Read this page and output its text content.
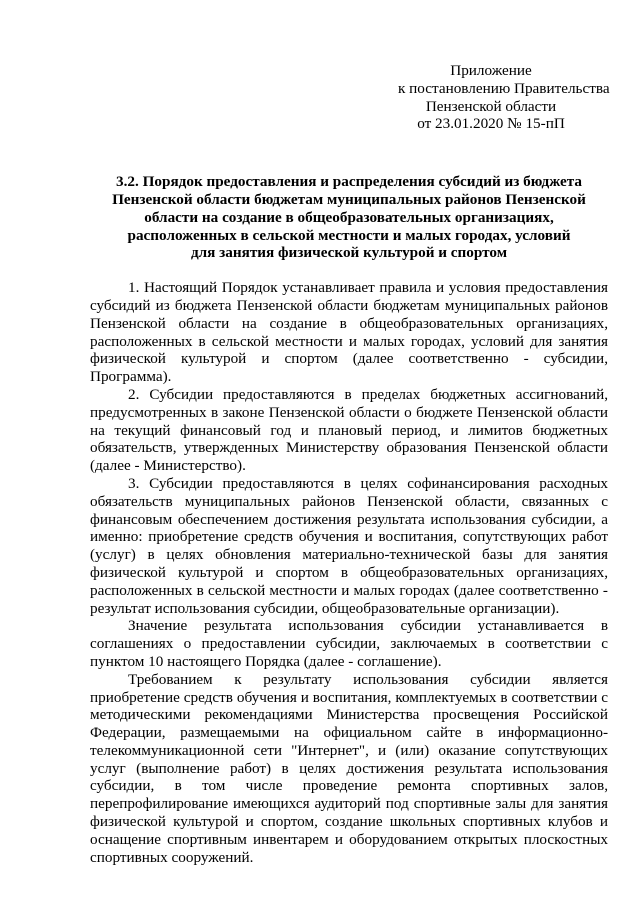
Приложение
к постановлению Правительства
Пензенской области
от 23.01.2020 № 15-пП
3.2. Порядок предоставления и распределения субсидий из бюджета
Пензенской области бюджетам муниципальных районов Пензенской
области на создание в общеобразовательных организациях,
расположенных в сельской местности и малых городах, условий
для занятия физической культурой и спортом

1. Настоящий Порядок устанавливает правила и условия предоставления субсидий из бюджета Пензенской области бюджетам муниципальных районов Пензенской области на создание в общеобразовательных организациях, расположенных в сельской местности и малых городах, условий для занятия физической культурой и спортом (далее соответственно - субсидии, Программа).

2. Субсидии предоставляются в пределах бюджетных ассигнований, предусмотренных в законе Пензенской области о бюджете Пензенской области на текущий финансовый год и плановый период, и лимитов бюджетных обязательств, утвержденных Министерству образования Пензенской области (далее - Министерство).

3. Субсидии предоставляются в целях софинансирования расходных обязательств муниципальных районов Пензенской области, связанных с финансовым обеспечением достижения результата использования субсидии, а именно: приобретение средств обучения и воспитания, сопутствующих работ (услуг) в целях обновления материально-технической базы для занятия физической культурой и спортом в общеобразовательных организациях, расположенных в сельской местности и малых городах (далее соответственно - результат использования субсидии, общеобразовательные организации).

Значение результата использования субсидии устанавливается в соглашениях о предоставлении субсидии, заключаемых в соответствии с пунктом 10 настоящего Порядка (далее - соглашение).

Требованием к результату использования субсидии является приобретение средств обучения и воспитания, комплектуемых в соответствии с методическими рекомендациями Министерства просвещения Российской Федерации, размещаемыми на официальном сайте в информационно-телекоммуникационной сети "Интернет", и (или) оказание сопутствующих услуг (выполнение работ) в целях достижения результата использования субсидии, в том числе проведение ремонта спортивных залов, перепрофилирование имеющихся аудиторий под спортивные залы для занятия физической культурой и спортом, создание школьных спортивных клубов и оснащение спортивным инвентарем и оборудованием открытых плоскостных спортивных сооружений.
